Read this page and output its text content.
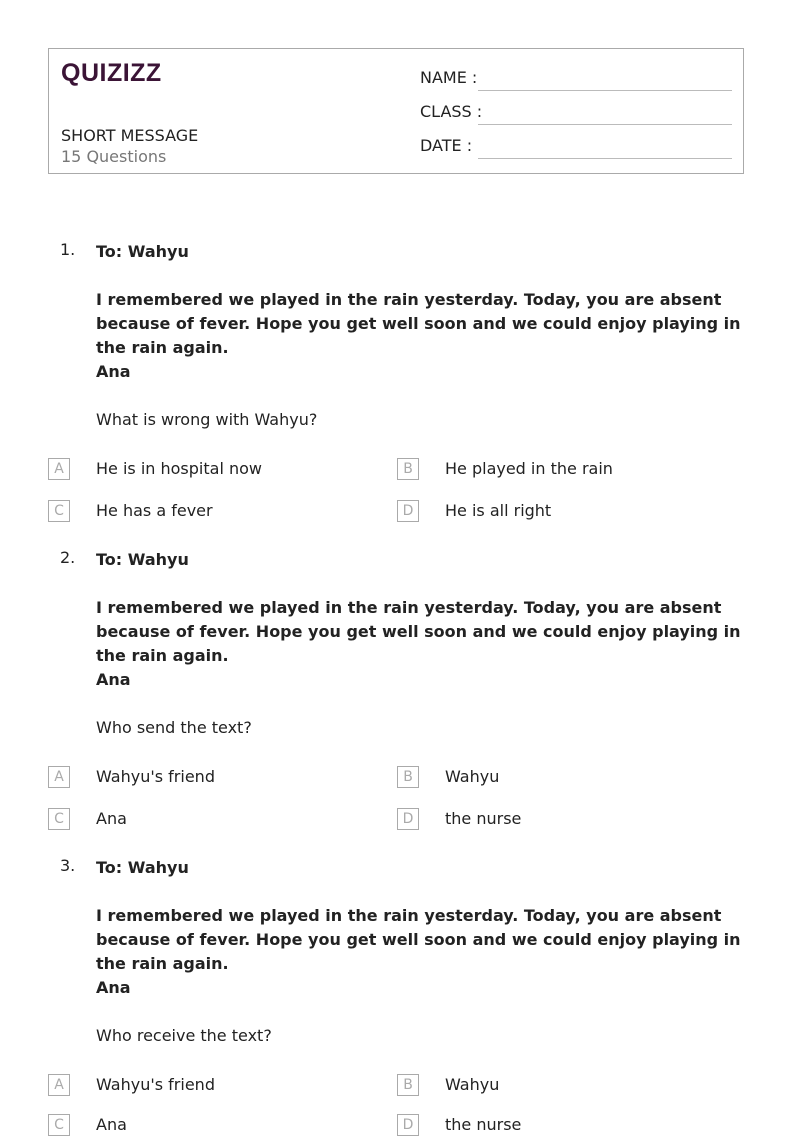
QUIZIZZ
SHORT MESSAGE
15 Questions
NAME :
CLASS :
DATE :
1. To: Wahyu
I remembered we played in the rain yesterday. Today, you are absent because of fever. Hope you get well soon and we could enjoy playing in the rain again.
Ana
What is wrong with Wahyu?
A	He is in hospital now	B	He played in the rain
C	He has a fever	D	He is all right
2. To: Wahyu
I remembered we played in the rain yesterday. Today, you are absent because of fever. Hope you get well soon and we could enjoy playing in the rain again.
Ana
Who send the text?
A	Wahyu's friend	B	Wahyu
C	Ana	D	the nurse
3. To: Wahyu
I remembered we played in the rain yesterday. Today, you are absent because of fever. Hope you get well soon and we could enjoy playing in the rain again.
Ana
Who receive the text?
A	Wahyu's friend	B	Wahyu
C	Ana	D	the nurse
